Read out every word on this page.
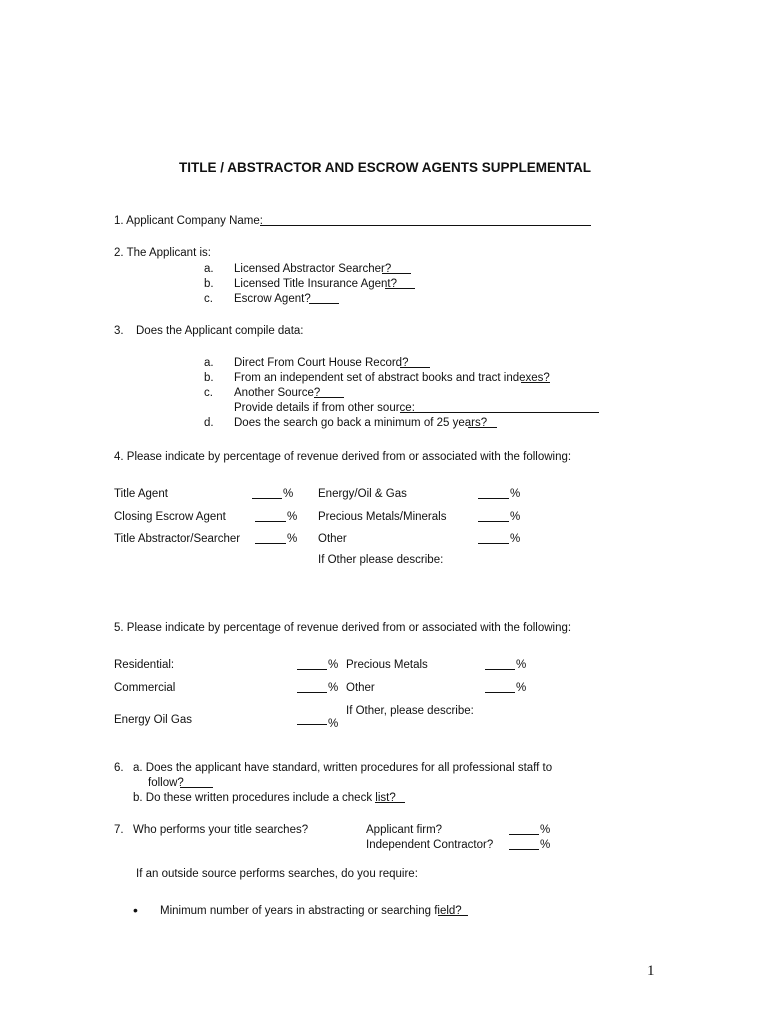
TITLE / ABSTRACTOR AND ESCROW AGENTS SUPPLEMENTAL
1. Applicant Company Name:
2. The Applicant is:
a. Licensed Abstractor Searcher?
b. Licensed Title Insurance Agent?
c. Escrow Agent?
3. Does the Applicant compile data:
a. Direct From Court House Record?
b. From an independent set of abstract books and tract indexes?
c. Another Source?
Provide details if from other source:
d. Does the search go back a minimum of 25 years?
4. Please indicate by percentage of revenue derived from or associated with the following:
Title Agent	% Energy/Oil & Gas	%
Closing Escrow Agent	% Precious Metals/Minerals	%
Title Abstractor/Searcher	% Other	%
If Other please describe:
5. Please indicate by percentage of revenue derived from or associated with the following:
Residential:	% Precious Metals	%
Commercial	% Other	%
If Other, please describe:
Energy Oil Gas	%
6. a. Does the applicant have standard, written procedures for all professional staff to
follow?
b. Do these written procedures include a check list?
7. Who performs your title searches?	Applicant firm?	%
Independent Contractor?	%
If an outside source performs searches, do you require:
• Minimum number of years in abstracting or searching field?
1
